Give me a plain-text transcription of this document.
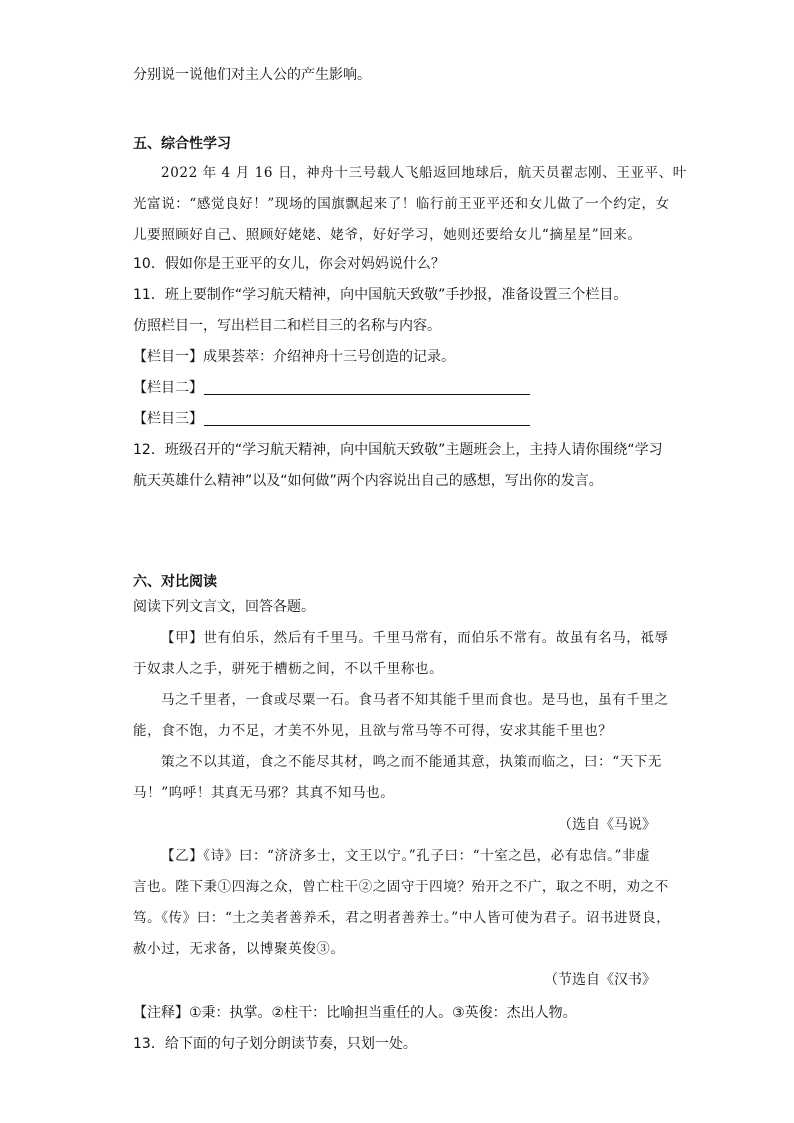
分别说一说他们对主人公的产生影响。
五、综合性学习
2022 年 4 月 16 日，神舟十三号载人飞船返回地球后，航天员翟志刚、王亚平、叶
光富说：“感觉良好！”现场的国旗飘起来了！临行前王亚平还和女儿做了一个约定，女
儿要照顾好自己、照顾好姥姥、姥爷，好好学习，她则还要给女儿“摘星星”回来。
10．假如你是王亚平的女儿，你会对妈妈说什么？
11．班上要制作“学习航天精神，向中国航天致敬”手抄报，准备设置三个栏目。
仿照栏目一，写出栏目二和栏目三的名称与内容。
【栏目一】成果荟萃：介绍神舟十三号创造的记录。
【栏目二】
【栏目三】
12．班级召开的“学习航天精神，向中国航天致敬”主题班会上，主持人请你围绕“学习
航天英雄什么精神”以及“如何做”两个内容说出自己的感想，写出你的发言。
六、对比阅读
阅读下列文言文，回答各题。
【甲】世有伯乐，然后有千里马。千里马常有，而伯乐不常有。故虽有名马，祗辱
于奴隶人之手，骈死于槽枥之间，不以千里称也。
马之千里者，一食或尽粟一石。食马者不知其能千里而食也。是马也，虽有千里之
能，食不饱，力不足，才美不外见，且欲与常马等不可得，安求其能千里也？
策之不以其道，食之不能尽其材，鸣之而不能通其意，执策而临之，曰：“天下无
马！”呜呼！其真无马邪？其真不知马也。
（选自《马说》
【乙】《诗》曰：“济济多士，文王以宁。”孔子曰：“十室之邑，必有忠信。”非虚
言也。陛下秉①四海之众，曾亡柱干②之固守于四境？殆开之不广，取之不明，劝之不
笃。《传》曰：“土之美者善养禾，君之明者善养士。”中人皆可使为君子。诏书进贤良，
赦小过，无求备，以博聚英俊③。
（节选自《汉书》
【注释】①秉：执掌。②柱干：比喻担当重任的人。③英俊：杰出人物。
13．给下面的句子划分朗读节奏，只划一处。
